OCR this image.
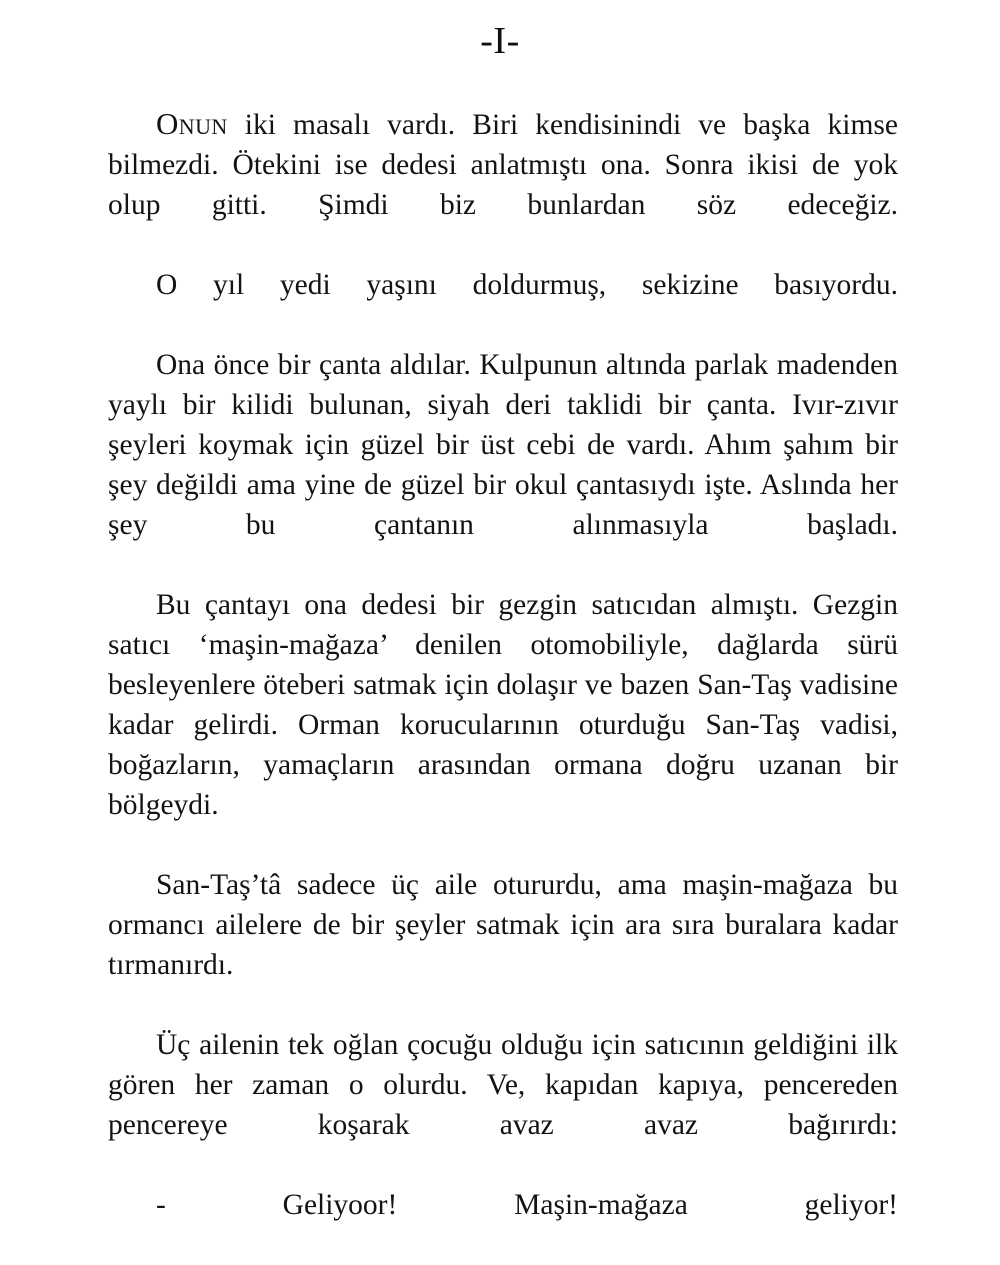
-I-

Onun iki masalı vardı. Biri kendisinindi ve başka kimse bilmezdi. Ötekini ise dedesi anlatmıştı ona. Sonra ikisi de yok olup gitti. Şimdi biz bunlardan söz edeceğiz.

O yıl yedi yaşını doldurmuş, sekizine basıyordu.

Ona önce bir çanta aldılar. Kulpunun altında parlak madenden yaylı bir kilidi bulunan, siyah deri taklidi bir çanta. Ivır-zıvır şeyleri koymak için güzel bir üst cebi de vardı. Ahım şahım bir şey değildi ama yine de güzel bir okul çantasıydı işte. Aslında her şey bu çantanın alınmasıyla başladı.

Bu çantayı ona dedesi bir gezgin satıcıdan almıştı. Gezgin satıcı ‘maşin-mağaza’ denilen otomobiliyle, dağlarda sürü besleyenlere öteberi satmak için dolaşır ve bazen San-Taş vadisine kadar gelirdi. Orman korucularının oturduğu San-Taş vadisi, boğazların, yamaçların arasından ormana doğru uzanan bir bölgeydi.

San-Taş’tâ sadece üç aile otururdu, ama maşin-mağaza bu ormancı ailelere de bir şeyler satmak için ara sıra buralara kadar tırmanırdı.

Üç ailenin tek oğlan çocuğu olduğu için satıcının geldiğini ilk gören her zaman o olurdu. Ve, kapıdan kapıya, pencereden pencereye koşarak avaz avaz bağırırdı:

- Geliyoor! Maşin-mağaza geliyor!
